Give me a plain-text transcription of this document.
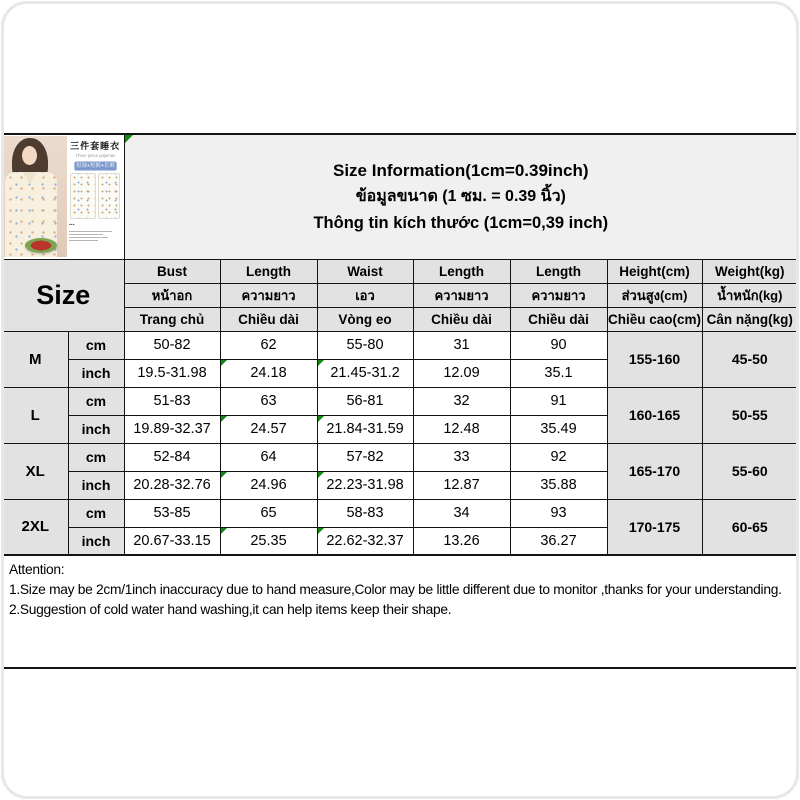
三件套睡衣
Three piece pajamas
短袖+短裤+长裤
...

Size Information(1cm=0.39inch)
ข้อมูลขนาด (1 ซม. = 0.39 นิ้ว)
Thông tin kích thước (1cm=0,39 inch)

Size		Bust	Length	Waist	Length	Length	Height(cm)	Weight(kg)
		หน้าอก	ความยาว	เอว	ความยาว	ความยาว	ส่วนสูง(cm)	น้ำหนัก(kg)
		Trang chủ	Chiều dài	Vòng eo	Chiều dài	Chiều dài	Chiều cao(cm)	Cân nặng(kg)
M	cm	50-82	62	55-80	31	90	155-160	45-50
	inch	19.5-31.98	24.18	21.45-31.2	12.09	35.1		
L	cm	51-83	63	56-81	32	91	160-165	50-55
	inch	19.89-32.37	24.57	21.84-31.59	12.48	35.49		
XL	cm	52-84	64	57-82	33	92	165-170	55-60
	inch	20.28-32.76	24.96	22.23-31.98	12.87	35.88		
2XL	cm	53-85	65	58-83	34	93	170-175	60-65
	inch	20.67-33.15	25.35	22.62-32.37	13.26	36.27		
Attention:
1.Size may be 2cm/1inch inaccuracy due to hand measure,Color may be little different due to monitor ,thanks for your understanding.
2.Suggestion of cold water hand washing,it can help items keep their shape.
